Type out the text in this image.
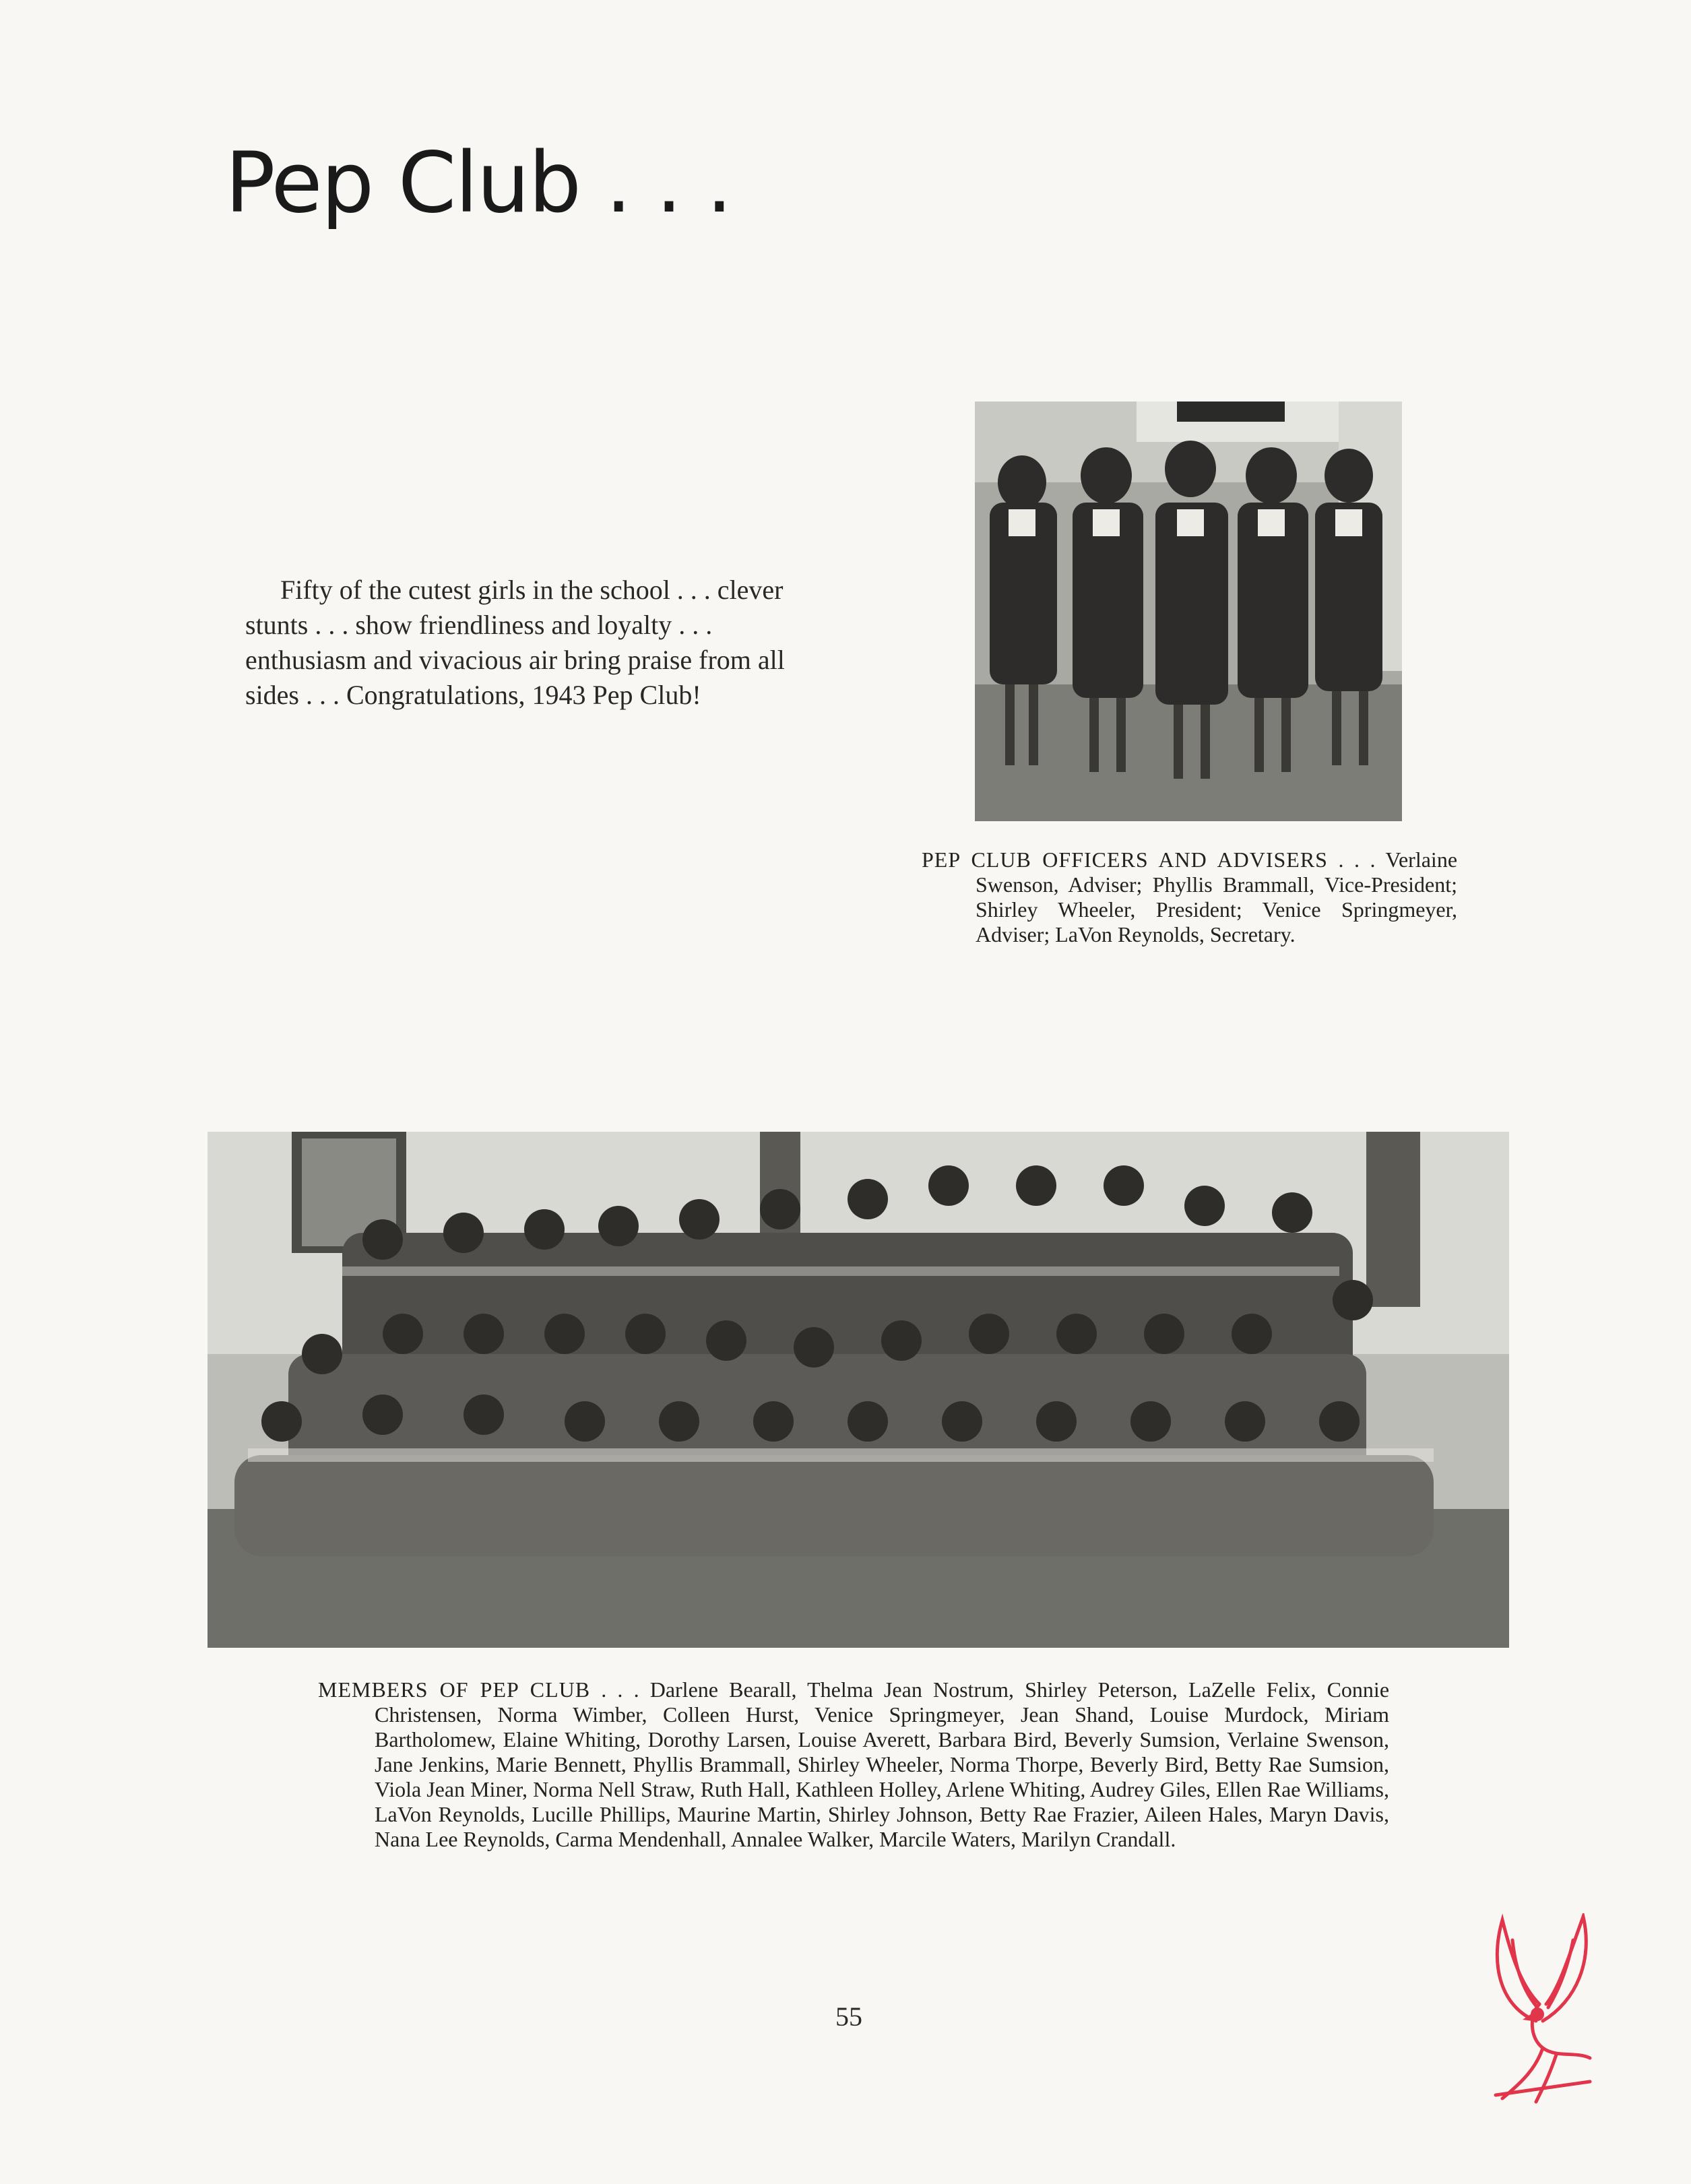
Pep Club . . .

Fifty of the cutest girls in the school . . . clever stunts . . . show friendliness and loyalty . . . enthusiasm and vivacious air bring praise from all sides . . . Congratulations, 1943 Pep Club!

PEP CLUB OFFICERS AND ADVISERS . . . Verlaine Swenson, Adviser; Phyllis Brammall, Vice-President; Shirley Wheeler, President; Venice Springmeyer, Adviser; LaVon Reynolds, Secretary.
MEMBERS OF PEP CLUB . . . Darlene Bearall, Thelma Jean Nostrum, Shirley Peterson, LaZelle Felix, Connie Christensen, Norma Wimber, Colleen Hurst, Venice Springmeyer, Jean Shand, Louise Murdock, Miriam Bartholomew, Elaine Whiting, Dorothy Larsen, Louise Averett, Barbara Bird, Beverly Sumsion, Verlaine Swenson, Jane Jenkins, Marie Bennett, Phyllis Brammall, Shirley Wheeler, Norma Thorpe, Beverly Bird, Betty Rae Sumsion, Viola Jean Miner, Norma Nell Straw, Ruth Hall, Kathleen Holley, Arlene Whiting, Audrey Giles, Ellen Rae Williams, LaVon Reynolds, Lucille Phillips, Maurine Martin, Shirley Johnson, Betty Rae Frazier, Aileen Hales, Maryn Davis, Nana Lee Reynolds, Carma Mendenhall, Annalee Walker, Marcile Waters, Marilyn Crandall.
55
